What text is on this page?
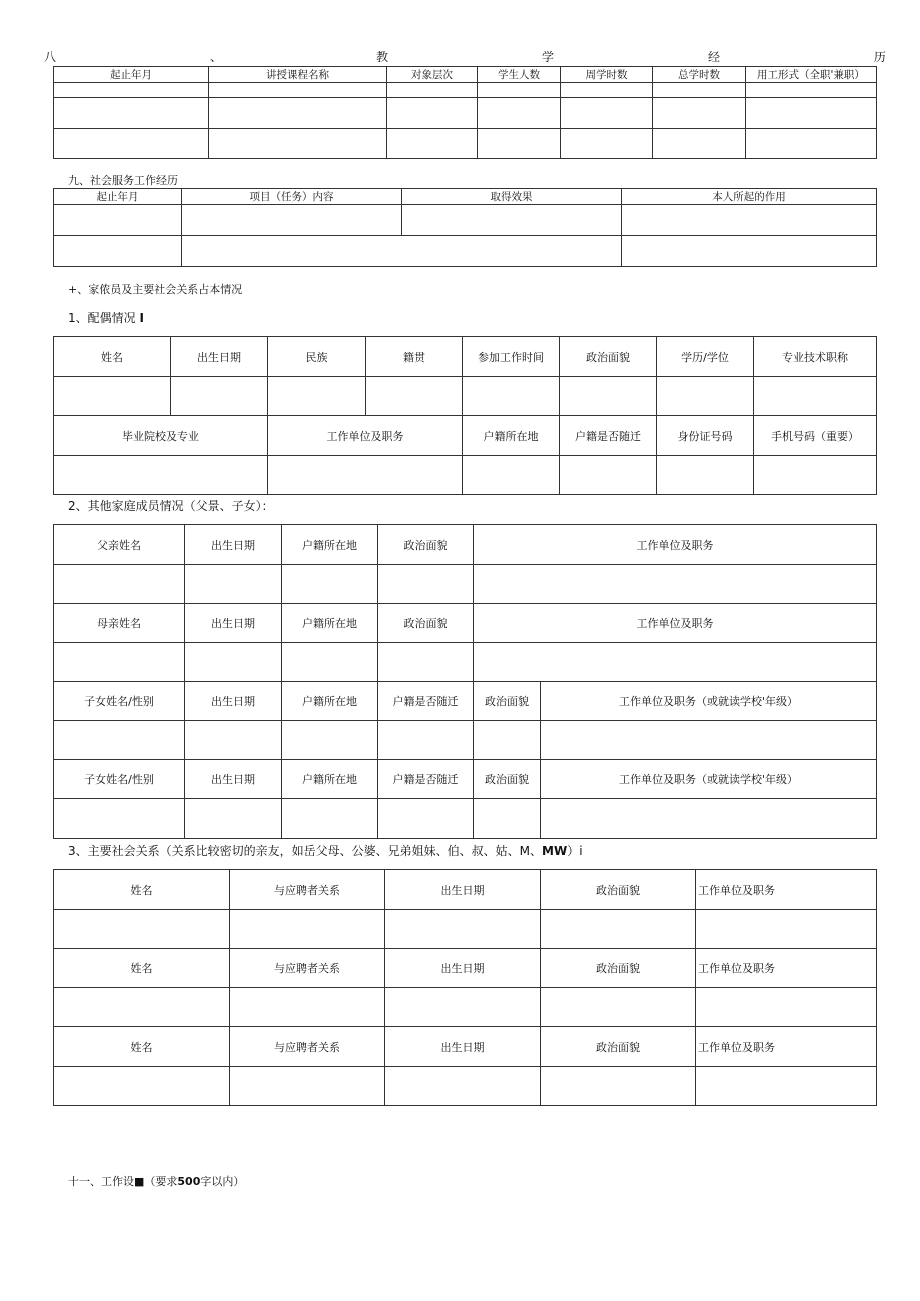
八	、	教	学	经	历
起止年月	讲授课程名称	对象层次	学生人数	周学时数	总学时数	用工形式（全职'兼职）

九、社会服务工作经历
起止年月	项目（任务）内容	取得效果	本人所起的作用

+、家侬员及主要社会关系占本情况
1、配偶情况 I
姓名	出生日期	民族	籍贯	参加工作时间	政治面貌	学历/学位	专业技术职称

毕业院校及专业		工作单位及职务		户籍所在地	户籍是否随迁	身份证号码	手机号码（重要）

2、其他家庭成员情况（父景、子女）：
父亲姓名	出生日期	户籍所在地	政治面貌	工作单位及职务	

母亲姓名	出生日期	户籍所在地	政治面貌	工作单位及职务	

子女姓名/性别	出生日期	户籍所在地	户籍是否随迁	政治面貌	工作单位及职务（或就读学校'年级）

子女姓名/性别	出生日期	户籍所在地	户籍是否随迁	政治面貌	工作单位及职务（或就读学校'年级）

3、主要社会关系（关系比较密切的亲友，如岳父母、公婆、兄弟姐妹、伯、叔、姑、M、MW）i
姓名	与应聘者关系	出生日期	政治面貌	工作单位及职务

姓名	与应聘者关系	出生日期	政治面貌	工作单位及职务

姓名	与应聘者关系	出生日期	政治面貌	工作单位及职务

十一、工作设■（要求500字以内）
